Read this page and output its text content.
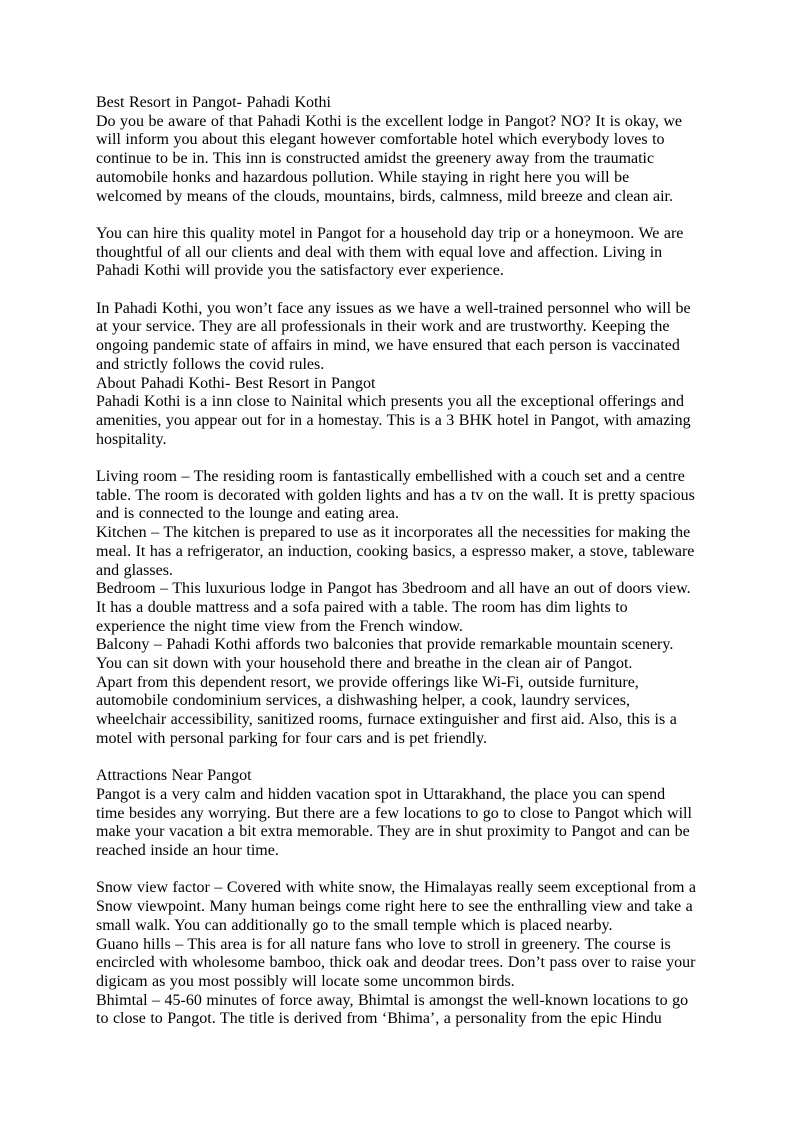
Best Resort in Pangot- Pahadi Kothi

Do you be aware of that Pahadi Kothi is the excellent lodge in Pangot? NO? It is okay, we will inform you about this elegant however comfortable hotel which everybody loves to continue to be in. This inn is constructed amidst the greenery away from the traumatic automobile honks and hazardous pollution. While staying in right here you will be welcomed by means of the clouds, mountains, birds, calmness, mild breeze and clean air.

You can hire this quality motel in Pangot for a household day trip or a honeymoon. We are thoughtful of all our clients and deal with them with equal love and affection. Living in Pahadi Kothi will provide you the satisfactory ever experience.

In Pahadi Kothi, you won’t face any issues as we have a well-trained personnel who will be at your service. They are all professionals in their work and are trustworthy. Keeping the ongoing pandemic state of affairs in mind, we have ensured that each person is vaccinated and strictly follows the covid rules.

About Pahadi Kothi- Best Resort in Pangot

Pahadi Kothi is a inn close to Nainital which presents you all the exceptional offerings and amenities, you appear out for in a homestay. This is a 3 BHK hotel in Pangot, with amazing hospitality.

Living room – The residing room is fantastically embellished with a couch set and a centre table. The room is decorated with golden lights and has a tv on the wall. It is pretty spacious and is connected to the lounge and eating area.

Kitchen – The kitchen is prepared to use as it incorporates all the necessities for making the meal. It has a refrigerator, an induction, cooking basics, a espresso maker, a stove, tableware and glasses.

Bedroom – This luxurious lodge in Pangot has 3bedroom and all have an out of doors view. It has a double mattress and a sofa paired with a table. The room has dim lights to experience the night time view from the French window.

Balcony – Pahadi Kothi affords two balconies that provide remarkable mountain scenery. You can sit down with your household there and breathe in the clean air of Pangot.

Apart from this dependent resort, we provide offerings like Wi-Fi, outside furniture, automobile condominium services, a dishwashing helper, a cook, laundry services, wheelchair accessibility, sanitized rooms, furnace extinguisher and first aid. Also, this is a motel with personal parking for four cars and is pet friendly.

Attractions Near Pangot

Pangot is a very calm and hidden vacation spot in Uttarakhand, the place you can spend time besides any worrying. But there are a few locations to go to close to Pangot which will make your vacation a bit extra memorable. They are in shut proximity to Pangot and can be reached inside an hour time.

Snow view factor – Covered with white snow, the Himalayas really seem exceptional from a Snow viewpoint. Many human beings come right here to see the enthralling view and take a small walk. You can additionally go to the small temple which is placed nearby.

Guano hills – This area is for all nature fans who love to stroll in greenery. The course is encircled with wholesome bamboo, thick oak and deodar trees. Don’t pass over to raise your digicam as you most possibly will locate some uncommon birds.

Bhimtal – 45-60 minutes of force away, Bhimtal is amongst the well-known locations to go to close to Pangot. The title is derived from ‘Bhima’, a personality from the epic Hindu
